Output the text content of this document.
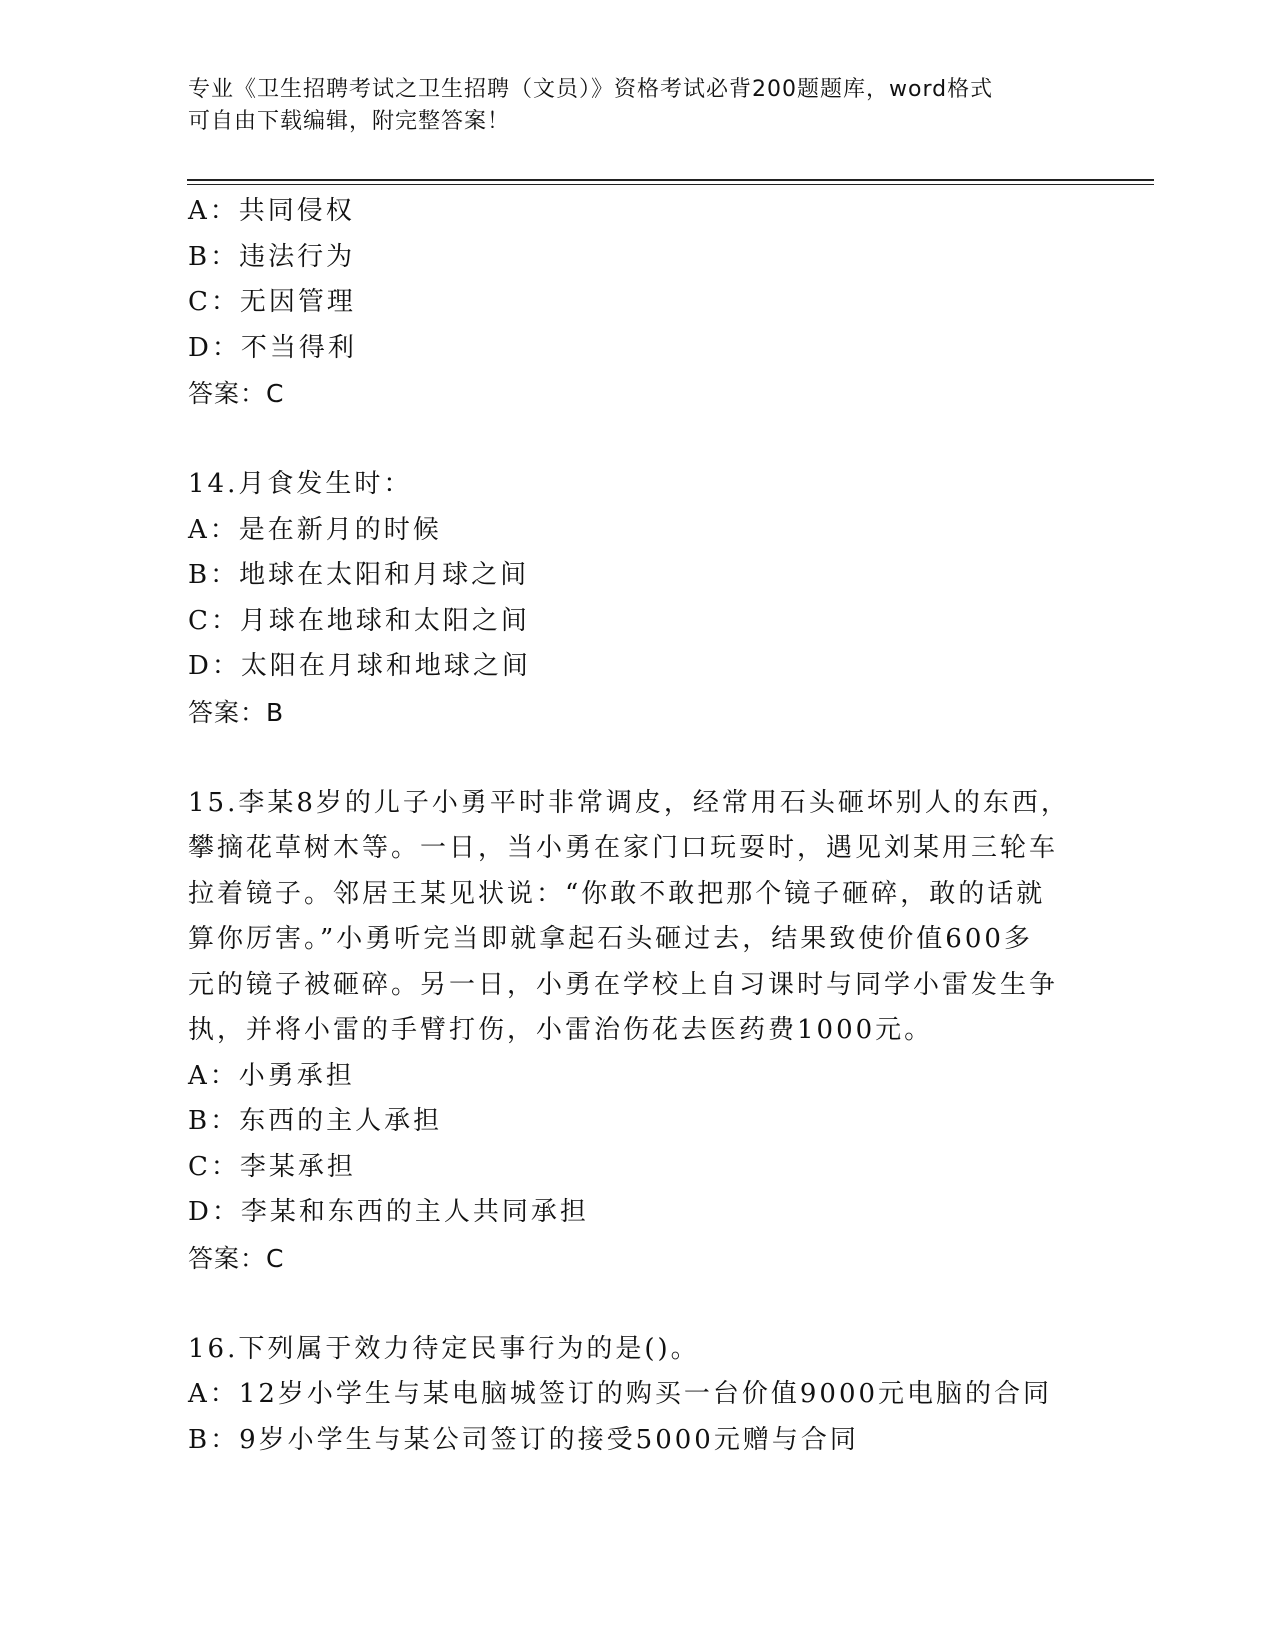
专业《卫生招聘考试之卫生招聘（文员）》资格考试必背200题题库，word格式
可自由下载编辑，附完整答案！
A：共同侵权
B：违法行为
C：无因管理
D：不当得利
答案：C
14.月食发生时：
A：是在新月的时候
B：地球在太阳和月球之间
C：月球在地球和太阳之间
D：太阳在月球和地球之间
答案：B
15.李某8岁的儿子小勇平时非常调皮，经常用石头砸坏别人的东西，
攀摘花草树木等。一日，当小勇在家门口玩耍时，遇见刘某用三轮车
拉着镜子。邻居王某见状说：“你敢不敢把那个镜子砸碎，敢的话就
算你厉害。”小勇听完当即就拿起石头砸过去，结果致使价值600多
元的镜子被砸碎。另一日，小勇在学校上自习课时与同学小雷发生争
执，并将小雷的手臂打伤，小雷治伤花去医药费1000元。
A：小勇承担
B：东西的主人承担
C：李某承担
D：李某和东西的主人共同承担
答案：C
16.下列属于效力待定民事行为的是()。
A：12岁小学生与某电脑城签订的购买一台价值9000元电脑的合同
B：9岁小学生与某公司签订的接受5000元赠与合同
